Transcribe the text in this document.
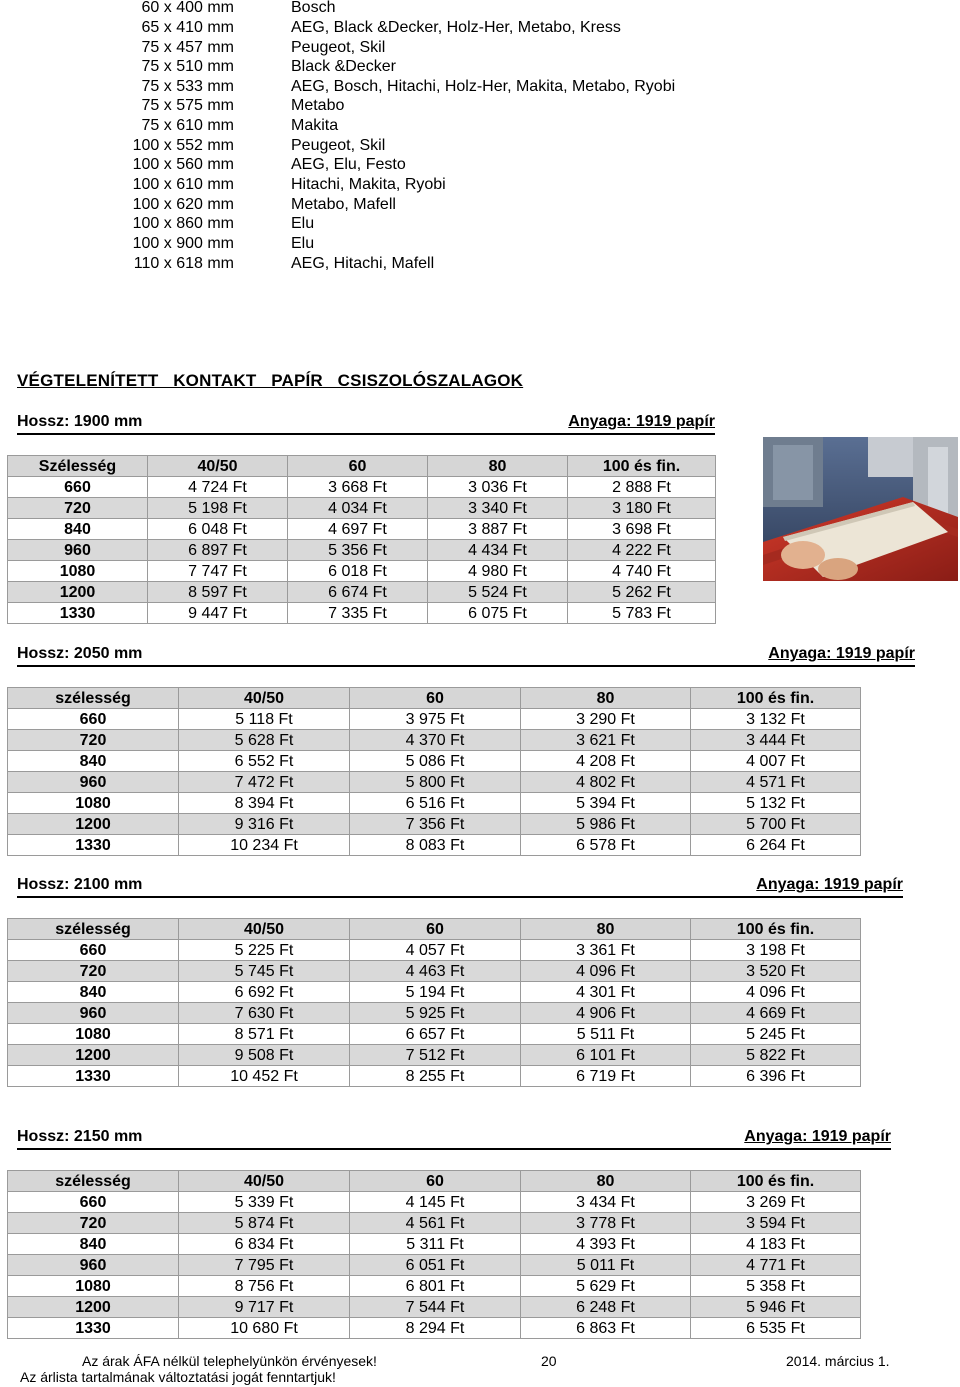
60 x 400 mm	Bosch
65 x 410 mm	AEG, Black &Decker, Holz-Her, Metabo, Kress
75 x 457 mm	Peugeot, Skil
75 x 510 mm	Black &Decker
75 x 533 mm	AEG, Bosch, Hitachi, Holz-Her, Makita, Metabo, Ryobi
75 x 575 mm	Metabo
75 x 610 mm	Makita
100 x 552 mm	Peugeot, Skil
100 x 560 mm	AEG, Elu, Festo
100 x 610 mm	Hitachi, Makita, Ryobi
100 x 620 mm	Metabo, Mafell
100 x 860 mm	Elu
100 x 900 mm	Elu
110 x 618 mm	AEG, Hitachi, Mafell
VÉGTELENÍTETT   KONTAKT   PAPÍR   CSISZOLÓSZALAGOK
Hossz: 1900 mm	Anyaga: 1919 papír
Szélesség	40/50	60	80	100 és fin.
660	4 724 Ft	3 668 Ft	3 036 Ft	2 888 Ft
720	5 198 Ft	4 034 Ft	3 340 Ft	3 180 Ft
840	6 048 Ft	4 697 Ft	3 887 Ft	3 698 Ft
960	6 897 Ft	5 356 Ft	4 434 Ft	4 222 Ft
1080	7 747 Ft	6 018 Ft	4 980 Ft	4 740 Ft
1200	8 597 Ft	6 674 Ft	5 524 Ft	5 262 Ft
1330	9 447 Ft	7 335 Ft	6 075 Ft	5 783 Ft
Hossz: 2050 mm	Anyaga: 1919 papír
szélesség	40/50	60	80	100 és fin.
660	5 118 Ft	3 975 Ft	3 290 Ft	3 132 Ft
720	5 628 Ft	4 370 Ft	3 621 Ft	3 444 Ft
840	6 552 Ft	5 086 Ft	4 208 Ft	4 007 Ft
960	7 472 Ft	5 800 Ft	4 802 Ft	4 571 Ft
1080	8 394 Ft	6 516 Ft	5 394 Ft	5 132 Ft
1200	9 316 Ft	7 356 Ft	5 986 Ft	5 700 Ft
1330	10 234 Ft	8 083 Ft	6 578 Ft	6 264 Ft
Hossz: 2100 mm	Anyaga: 1919 papír
szélesség	40/50	60	80	100 és fin.
660	5 225 Ft	4 057 Ft	3 361 Ft	3 198 Ft
720	5 745 Ft	4 463 Ft	4 096 Ft	3 520 Ft
840	6 692 Ft	5 194 Ft	4 301 Ft	4 096 Ft
960	7 630 Ft	5 925 Ft	4 906 Ft	4 669 Ft
1080	8 571 Ft	6 657 Ft	5 511 Ft	5 245 Ft
1200	9 508 Ft	7 512 Ft	6 101 Ft	5 822 Ft
1330	10 452 Ft	8 255 Ft	6 719 Ft	6 396 Ft
Hossz: 2150 mm	Anyaga: 1919 papír
szélesség	40/50	60	80	100 és fin.
660	5 339 Ft	4 145 Ft	3 434 Ft	3 269 Ft
720	5 874 Ft	4 561 Ft	3 778 Ft	3 594 Ft
840	6 834 Ft	5 311 Ft	4 393 Ft	4 183 Ft
960	7 795 Ft	6 051 Ft	5 011 Ft	4 771 Ft
1080	8 756 Ft	6 801 Ft	5 629 Ft	5 358 Ft
1200	9 717 Ft	7 544 Ft	6 248 Ft	5 946 Ft
1330	10 680 Ft	8 294 Ft	6 863 Ft	6 535 Ft
Az árak ÁFA nélkül telephelyünkön érvényesek!	20	2014. március 1.
Az árlista tartalmának változtatási jogát fenntartjuk!
